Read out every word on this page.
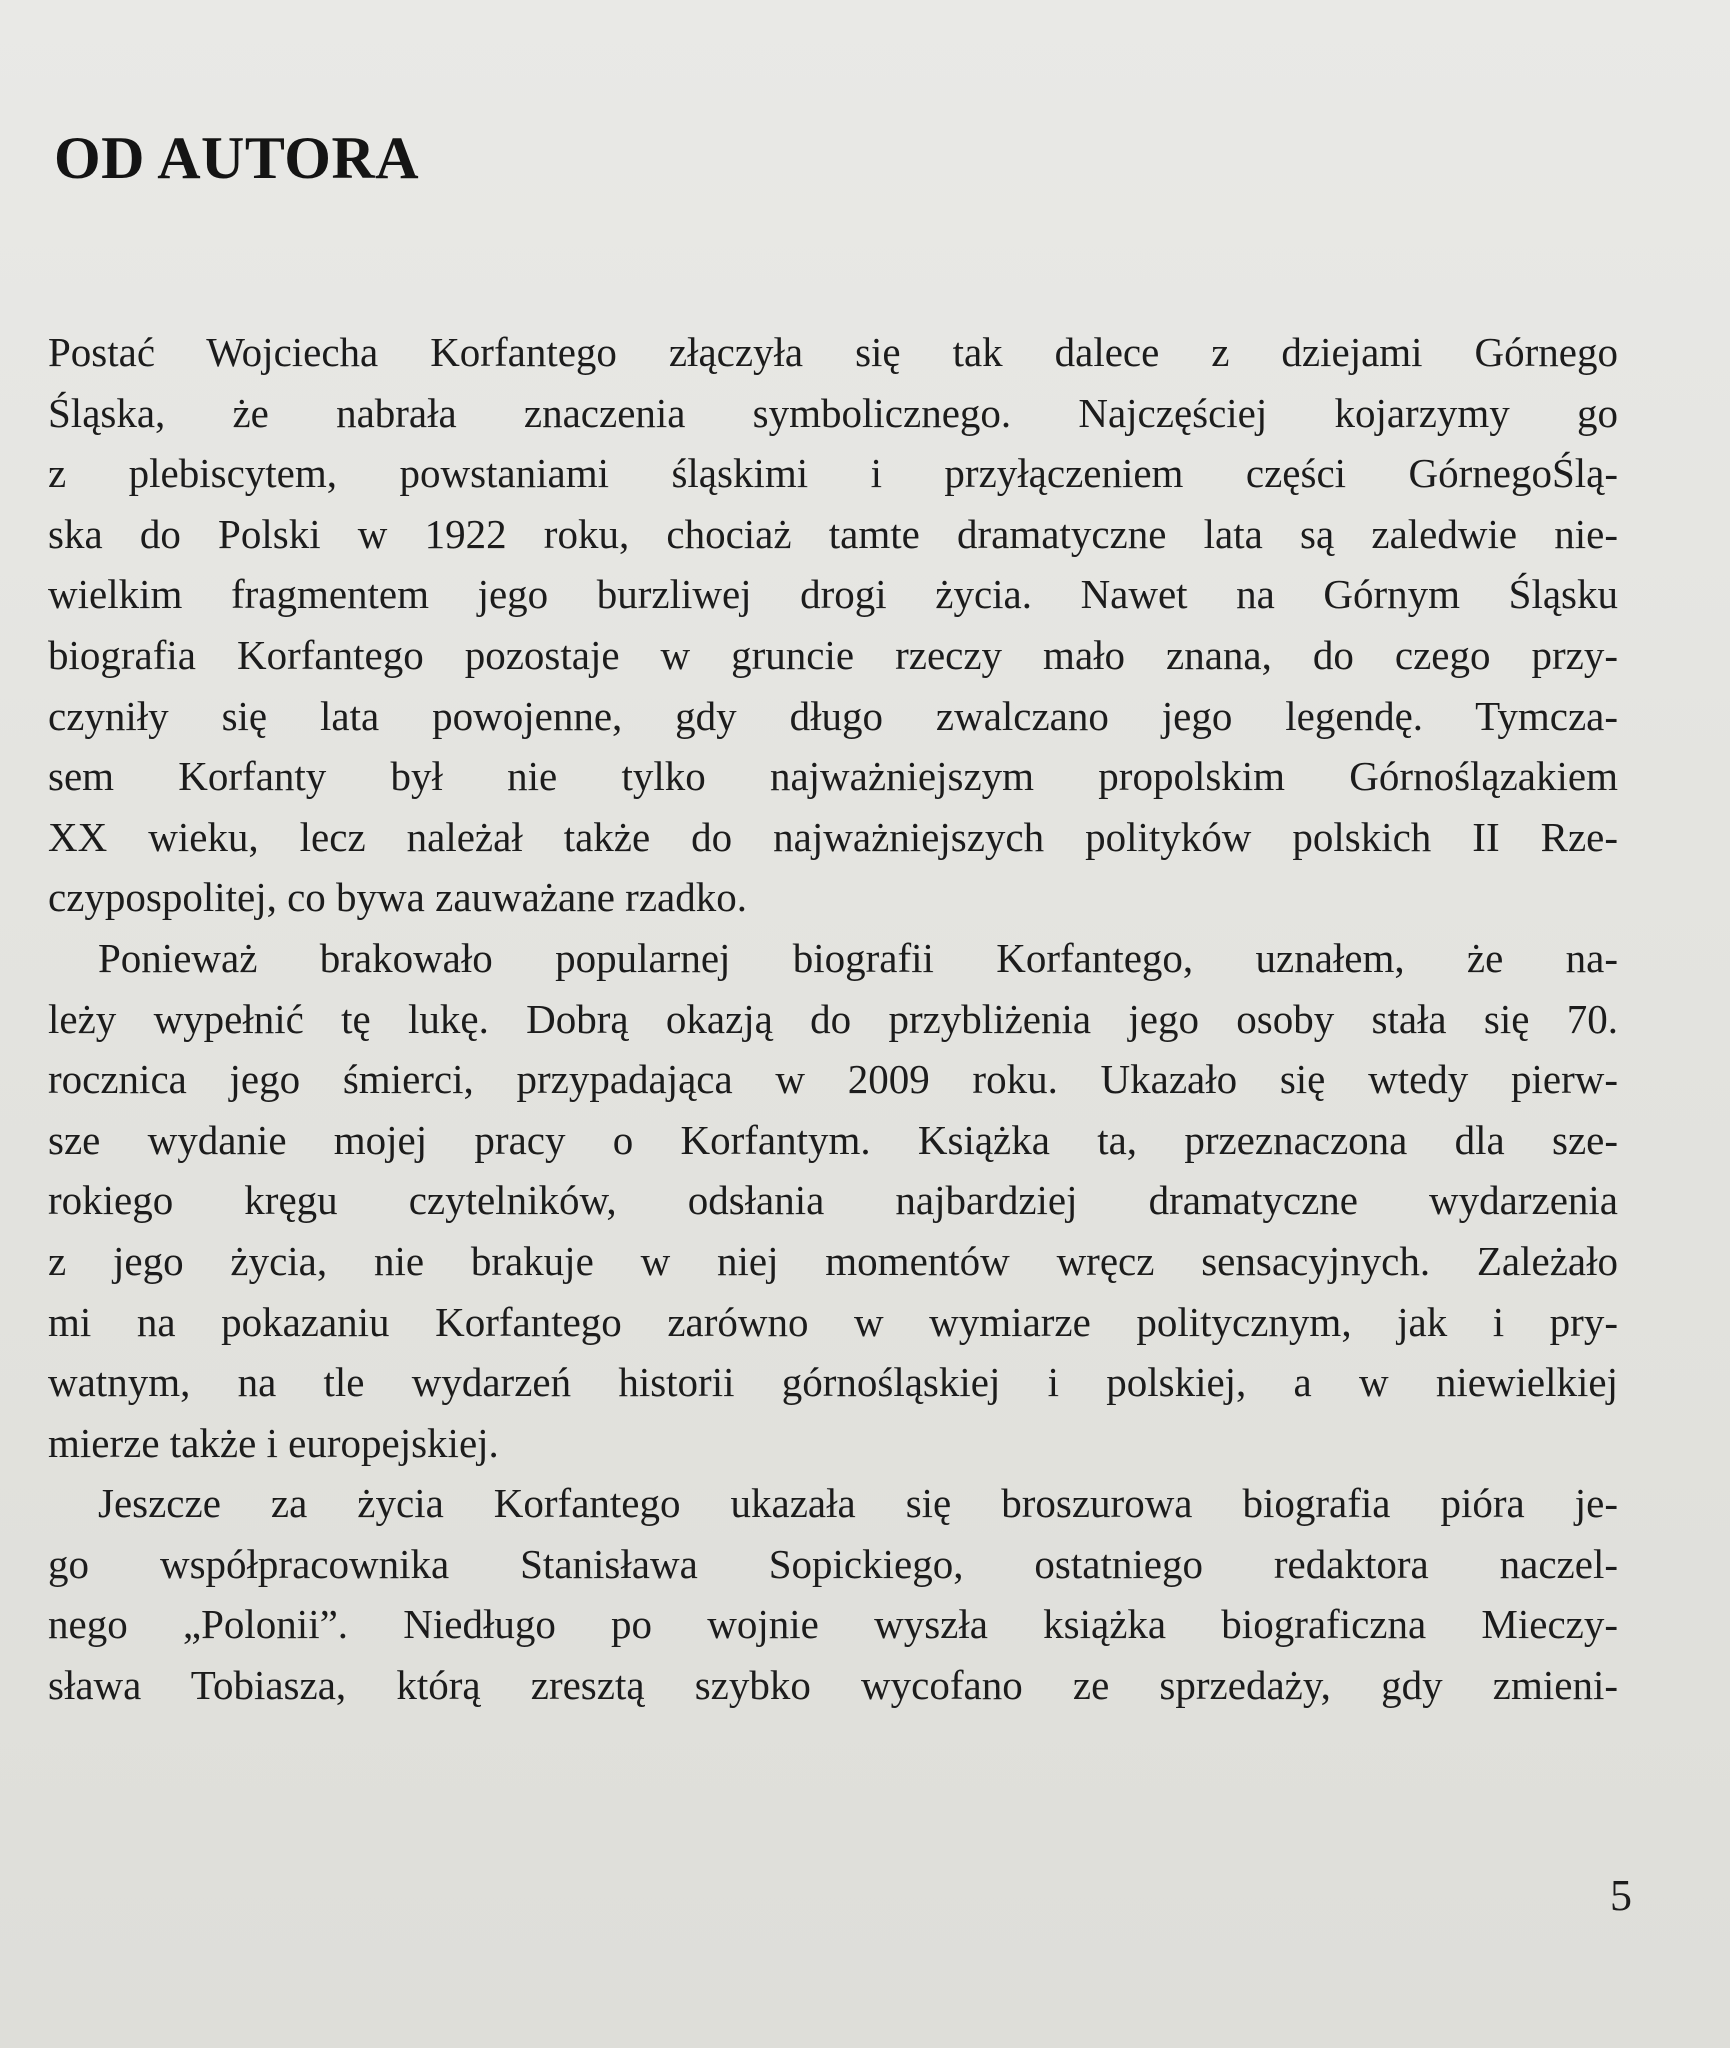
OD AUTORA
Postać Wojciecha Korfantego złączyła się tak dalece z dziejami Górnego
Śląska, że nabrała znaczenia symbolicznego. Najczęściej kojarzymy go
z plebiscytem, powstaniami śląskimi i przyłączeniem części GórnegoŚlą-
ska do Polski w 1922 roku, chociaż tamte dramatyczne lata są zaledwie nie-
wielkim fragmentem jego burzliwej drogi życia. Nawet na Górnym Śląsku
biografia Korfantego pozostaje w gruncie rzeczy mało znana, do czego przy-
czyniły się lata powojenne, gdy długo zwalczano jego legendę. Tymcza-
sem Korfanty był nie tylko najważniejszym propolskim Górnoślązakiem
XX wieku, lecz należał także do najważniejszych polityków polskich II Rze-
czypospolitej, co bywa zauważane rzadko.
Ponieważ brakowało popularnej biografii Korfantego, uznałem, że na-
leży wypełnić tę lukę. Dobrą okazją do przybliżenia jego osoby stała się 70.
rocznica jego śmierci, przypadająca w 2009 roku. Ukazało się wtedy pierw-
sze wydanie mojej pracy o Korfantym. Książka ta, przeznaczona dla sze-
rokiego kręgu czytelników, odsłania najbardziej dramatyczne wydarzenia
z jego życia, nie brakuje w niej momentów wręcz sensacyjnych. Zależało
mi na pokazaniu Korfantego zarówno w wymiarze politycznym, jak i pry-
watnym, na tle wydarzeń historii górnośląskiej i polskiej, a w niewielkiej
mierze także i europejskiej.
Jeszcze za życia Korfantego ukazała się broszurowa biografia pióra je-
go współpracownika Stanisława Sopickiego, ostatniego redaktora naczel-
nego „Polonii”. Niedługo po wojnie wyszła książka biograficzna Mieczy-
sława Tobiasza, którą zresztą szybko wycofano ze sprzedaży, gdy zmieni-
5
